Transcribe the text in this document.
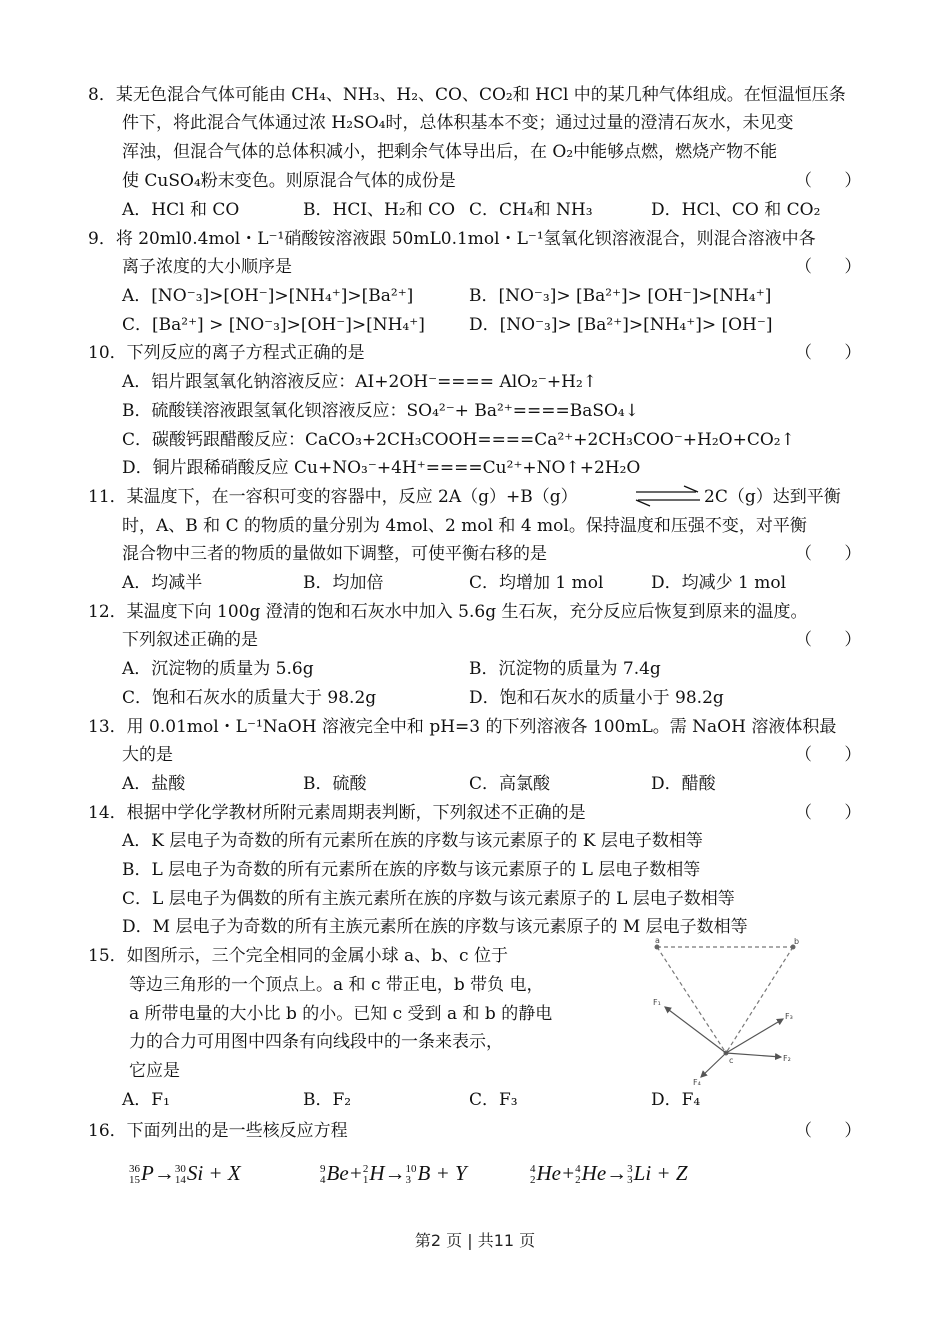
8．某无色混合气体可能由 CH₄、NH₃、H₂、CO、CO₂和 HCl 中的某几种气体组成。在恒温恒压条
件下，将此混合气体通过浓 H₂SO₄时，总体积基本不变；通过过量的澄清石灰水，未见变
浑浊，但混合气体的总体积减小，把剩余气体导出后，在 O₂中能够点燃，燃烧产物不能
使 CuSO₄粉末变色。则原混合气体的成份是	（      ）
A．HCl 和 CO	B．HCI、H₂和 CO C．CH₄和 NH₃	D．HCl、CO 和 CO₂
9．将 20ml0.4mol・L⁻¹硝酸铵溶液跟 50mL0.1mol・L⁻¹氢氧化钡溶液混合，则混合溶液中各
离子浓度的大小顺序是	（      ）
A．[NO⁻₃]>[OH⁻]>[NH₄⁺]>[Ba²⁺]	B．[NO⁻₃]> [Ba²⁺]> [OH⁻]>[NH₄⁺]
C．[Ba²⁺] > [NO⁻₃]>[OH⁻]>[NH₄⁺]	D．[NO⁻₃]> [Ba²⁺]>[NH₄⁺]> [OH⁻]
10．下列反应的离子方程式正确的是	（      ）
A．铝片跟氢氧化钠溶液反应：AI+2OH⁻==== AlO₂⁻+H₂↑
B．硫酸镁溶液跟氢氧化钡溶液反应：SO₄²⁻+ Ba²⁺====BaSO₄↓
C．碳酸钙跟醋酸反应：CaCO₃+2CH₃COOH====Ca²⁺+2CH₃COO⁻+H₂O+CO₂↑
D．铜片跟稀硝酸反应 Cu+NO₃⁻+4H⁺====Cu²⁺+NO↑+2H₂O
11．某温度下，在一容积可变的容器中，反应 2A（g）+B（g）	2C（g）达到平衡
时，A、B 和 C 的物质的量分别为 4mol、2 mol 和 4 mol。保持温度和压强不变，对平衡
混合物中三者的物质的量做如下调整，可使平衡右移的是	（      ）
A．均减半	B．均加倍	C．均增加 1 mol	D．均减少 1 mol
12．某温度下向 100g 澄清的饱和石灰水中加入 5.6g 生石灰，充分反应后恢复到原来的温度。
下列叙述正确的是	（      ）
A．沉淀物的质量为 5.6g	B．沉淀物的质量为 7.4g
C．饱和石灰水的质量大于 98.2g	D．饱和石灰水的质量小于 98.2g
13．用 0.01mol・L⁻¹NaOH 溶液完全中和 pH=3 的下列溶液各 100mL。需 NaOH 溶液体积最
大的是	（      ）
A．盐酸	B．硫酸	C．高氯酸	D．醋酸
14．根据中学化学教材所附元素周期表判断，下列叙述不正确的是	（      ）
A．K 层电子为奇数的所有元素所在族的序数与该元素原子的 K 层电子数相等
B．L 层电子为奇数的所有元素所在族的序数与该元素原子的 L 层电子数相等
C．L 层电子为偶数的所有主族元素所在族的序数与该元素原子的 L 层电子数相等
D．M 层电子为奇数的所有主族元素所在族的序数与该元素原子的 M 层电子数相等
15．如图所示，三个完全相同的金属小球 a、b、c 位于
等边三角形的一个顶点上。a 和 c 带正电，b 带负 电，
a 所带电量的大小比 b 的小。已知 c 受到 a 和 b 的静电
力的合力可用图中四条有向线段中的一条来表示，
它应是
A．F₁	B．F₂	C．F₃	D．F₄
a	b
c
F₁
F₃
F₂
F₄
16．下面列出的是一些核反应方程	（      ）
36
15 P→ 30
14 Si + X	9
4 Be+ 2
1 H→ 10
3 B + Y	4
2 He+ 4
2 He→ 3
3 Li + Z
第2 页 | 共11 页
